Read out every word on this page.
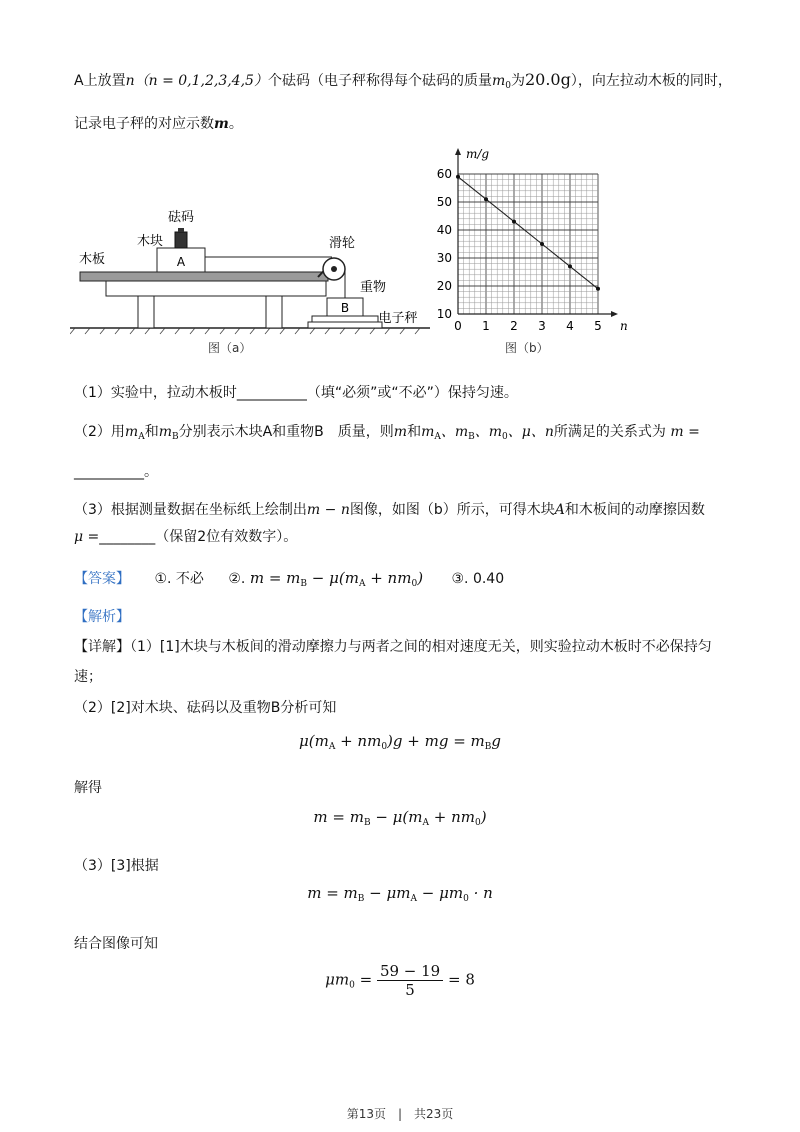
A上放置n（n = 0,1,2,3,4,5）个砝码（电子秤称得每个砝码的质量$m_0$为20.0g），向左拉动木板的同时，
记录电子秤的对应示数m。
砝码
木块
木板	A
滑轮
重物
B
电子秤
图（a）
0 1 2 3 4 5
10
20
30
40
50
60
m/g
n
图（b）
（1）实验中，拉动木板时__________（填“必须”或“不必”）保持匀速。
（2）用$m_A$和$m_B$分别表示木块A和重物B　质量，则m和$m_A$、$m_B$、$m_0$、μ、n所满足的关系式为 m =
__________。
（3）根据测量数据在坐标纸上绘制出m − n图像，如图（b）所示，可得木块A和木板间的动摩擦因数
μ =________（保留2位有效数字）。
【答案】 ①. 不必 ②. $m = m_B - \mu(m_A + nm_0)$ ③. 0.40
【解析】
【详解】（1）[1]木块与木板间的滑动摩擦力与两者之间的相对速度无关，则实验拉动木板时不必保持匀
速；
（2）[2]对木块、砝码以及重物B分析可知
$\mu(m_A + nm_0)g$ + mg = $m_Bg$
解得
$m = m_B - \mu(m_A + nm_0)$
（3）[3]根据
$m = m_B - \mu m_A - \mu m_0 \cdot n$
结合图像可知
$\mu m_0 = \frac{59 - 19}{5} = 8$
第13页　|　共23页
